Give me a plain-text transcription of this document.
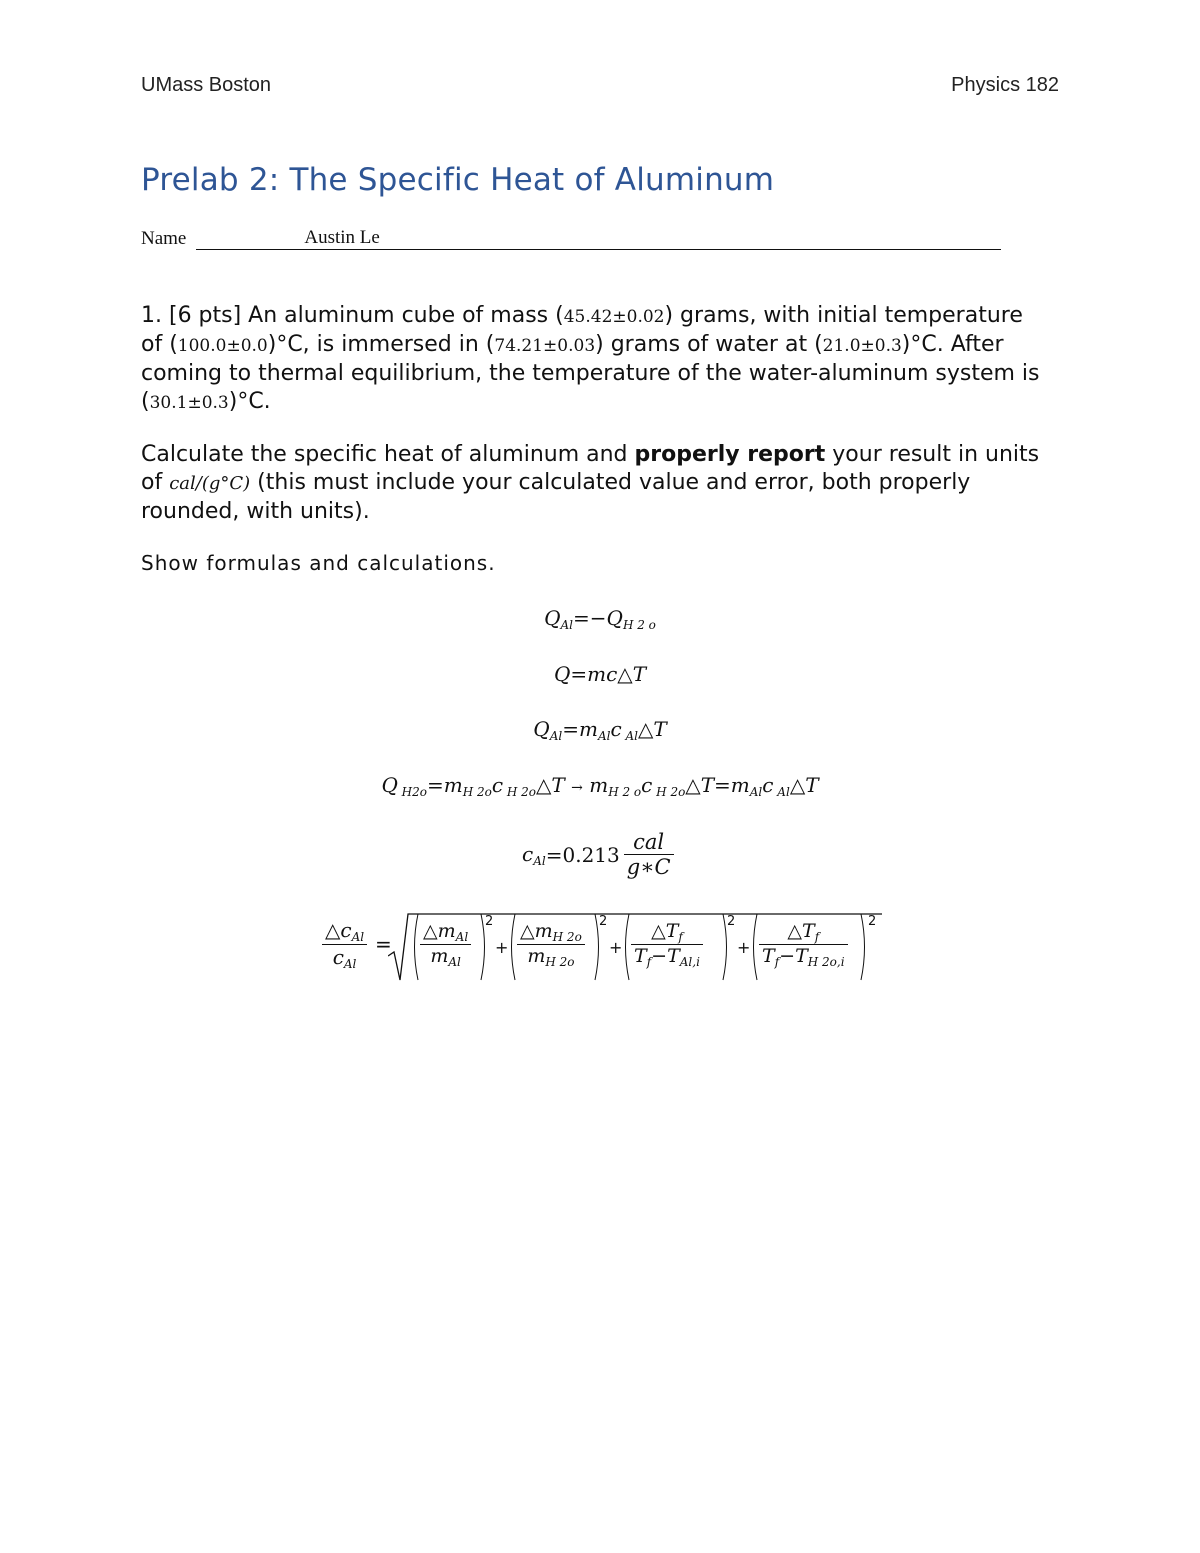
UMass Boston	Physics 182
Prelab 2: The Specific Heat of Aluminum
Name	Austin Le
1. [6 pts] An aluminum cube of mass (45.42±0.02) grams, with initial temperature of (100.0±0.0)°C, is immersed in (74.21±0.03) grams of water at (21.0±0.3)°C. After coming to thermal equilibrium, the temperature of the water-aluminum system is (30.1±0.3)°C.
Calculate the specific heat of aluminum and properly report your result in units of cal/(g°C) (this must include your calculated value and error, both properly rounded, with units).
Show formulas and calculations.
$Q_{Al}=-Q_{H 2 o}$
Q=mc△T
$Q_{Al}=m_{Al}c$ $_{Al}$△T
Q $_{H2o}=m_{H 2o}c$ $_{H 2o}$△T → $m_{H 2 o}c$ $_{H 2o}\triangle T=m_{Al}c$ $_{Al}$△T
$c_{Al} = 0.213 \frac{\text{cal}}{g∗C}$
$\frac{\triangle c_{Al}}{c_{Al}} = \frac{\triangle m_{Al}}{m_{Al}} 2$
+ $\frac{\triangle m_{H 2o}}{m_{H 2o}} 2$
+ $\frac{\triangle T_f}{T_f-T_{Al,i}} 2$
+ $\frac{\triangle T_f}{T_f-T_{H 2o,i}} 2$
